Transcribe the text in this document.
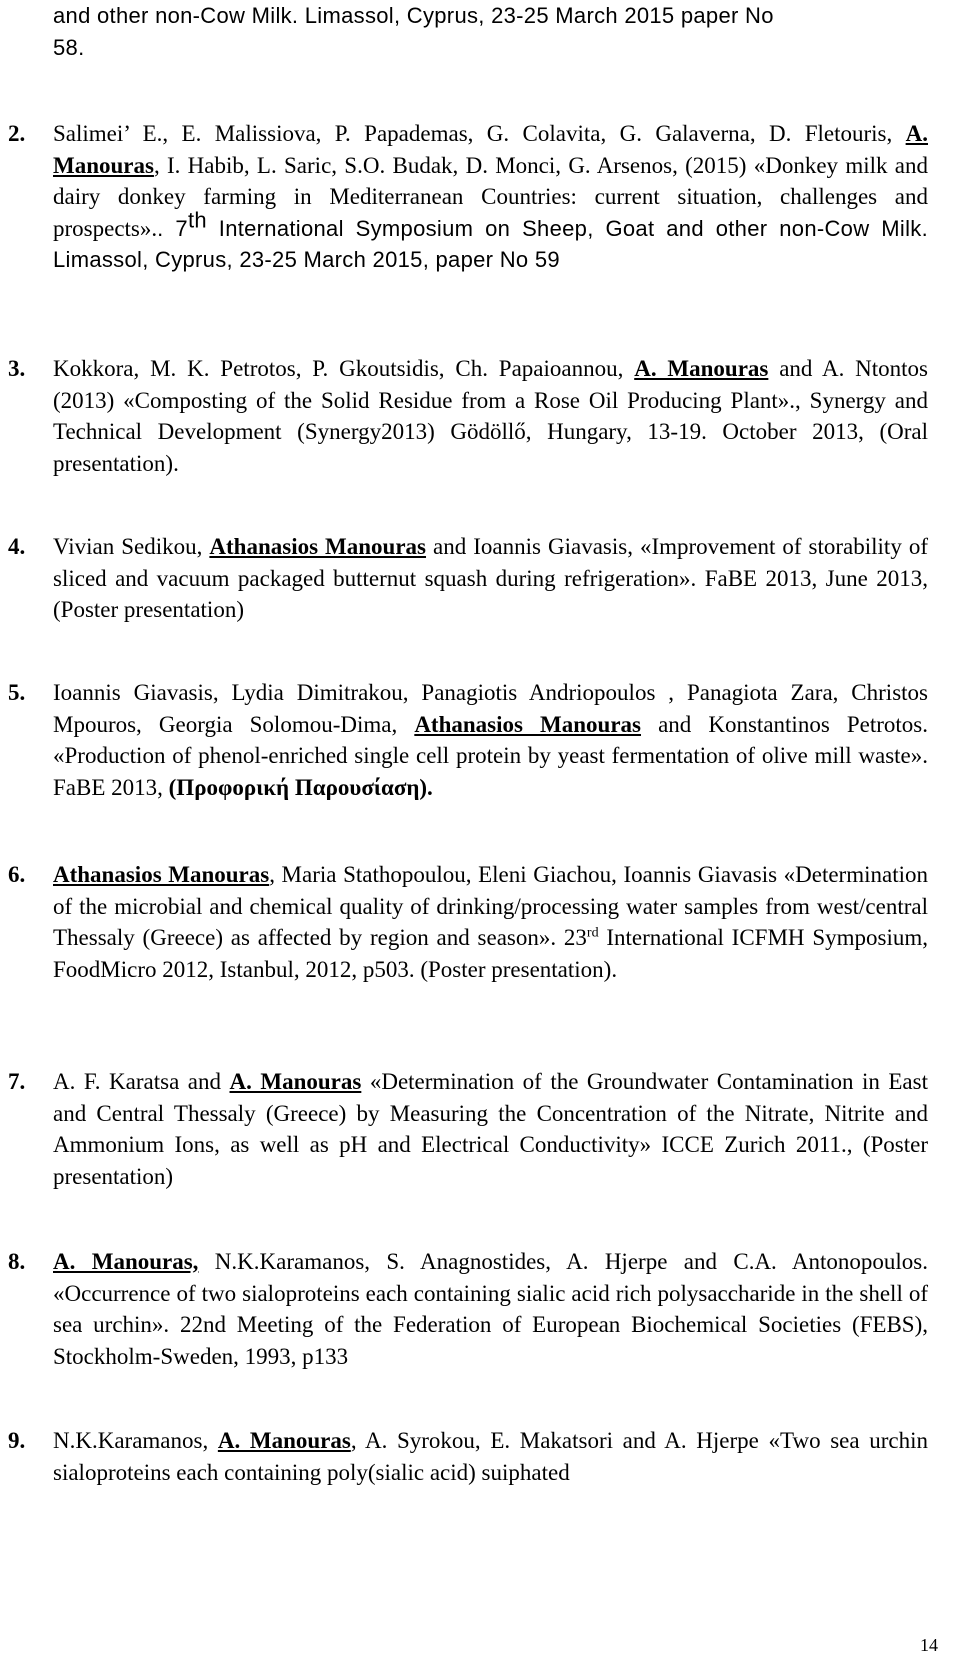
and other non-Cow Milk. Limassol, Cyprus, 23-25 March 2015 paper No
58.
2. Salimei’ E., E. Malissiova, P. Papademas, G. Colavita, G. Galaverna, D. Fletouris, A. Manouras, I. Habib, L. Saric, S.O. Budak, D. Monci, G. Arsenos, (2015) «Donkey milk and dairy donkey farming in Mediterranean Countries: current situation, challenges and prospects».. 7th International Symposium on Sheep, Goat and other non-Cow Milk. Limassol, Cyprus, 23-25 March 2015, paper No 59
3. Kokkora, M. K. Petrotos, P. Gkoutsidis, Ch. Papaioannou, A. Manouras and A. Ntontos (2013) «Composting of the Solid Residue from a Rose Oil Producing Plant»., Synergy and Technical Development (Synergy2013) Gödöllő, Hungary, 13-19. October 2013, (Oral presentation).
4. Vivian Sedikou, Athanasios Manouras and Ioannis Giavasis, «Improvement of storability of sliced and vacuum packaged butternut squash during refrigeration». FaBE 2013, June 2013, (Poster presentation)
5. Ioannis Giavasis, Lydia Dimitrakou, Panagiotis Andriopoulos , Panagiota Zara, Christos Mpouros, Georgia Solomou-Dima, Athanasios Manouras and Konstantinos Petrotos. «Production of phenol-enriched single cell protein by yeast fermentation of olive mill waste». FaBE 2013, (Προφορική Παρουσίαση).
6. Athanasios Manouras, Maria Stathopoulou, Eleni Giachou, Ioannis Giavasis «Determination of the microbial and chemical quality of drinking/processing water samples from west/central Thessaly (Greece) as affected by region and season». 23rd International ICFMH Symposium, FoodMicro 2012, Istanbul, 2012, p503. (Poster presentation).
7. A. F. Karatsa and A. Manouras «Determination of the Groundwater Contamination in East and Central Thessaly (Greece) by Measuring the Concentration of the Nitrate, Nitrite and Ammonium Ions, as well as pH and Electrical Conductivity» ICCE Zurich 2011., (Poster presentation)
8. A. Manouras, N.K.Karamanos, S. Anagnostides, A. Hjerpe and C.A. Antonopoulos. «Occurrence of two sialoproteins each containing sialic acid rich polysaccharide in the shell of sea urchin». 22nd Meeting of the Federation of European Biochemical Societies (FEBS), Stockholm-Sweden, 1993, p133
9. N.K.Karamanos, A. Manouras, A. Syrokou, E. Makatsori and A. Hjerpe «Two sea urchin sialoproteins each containing poly(sialic acid) suiphated
14
